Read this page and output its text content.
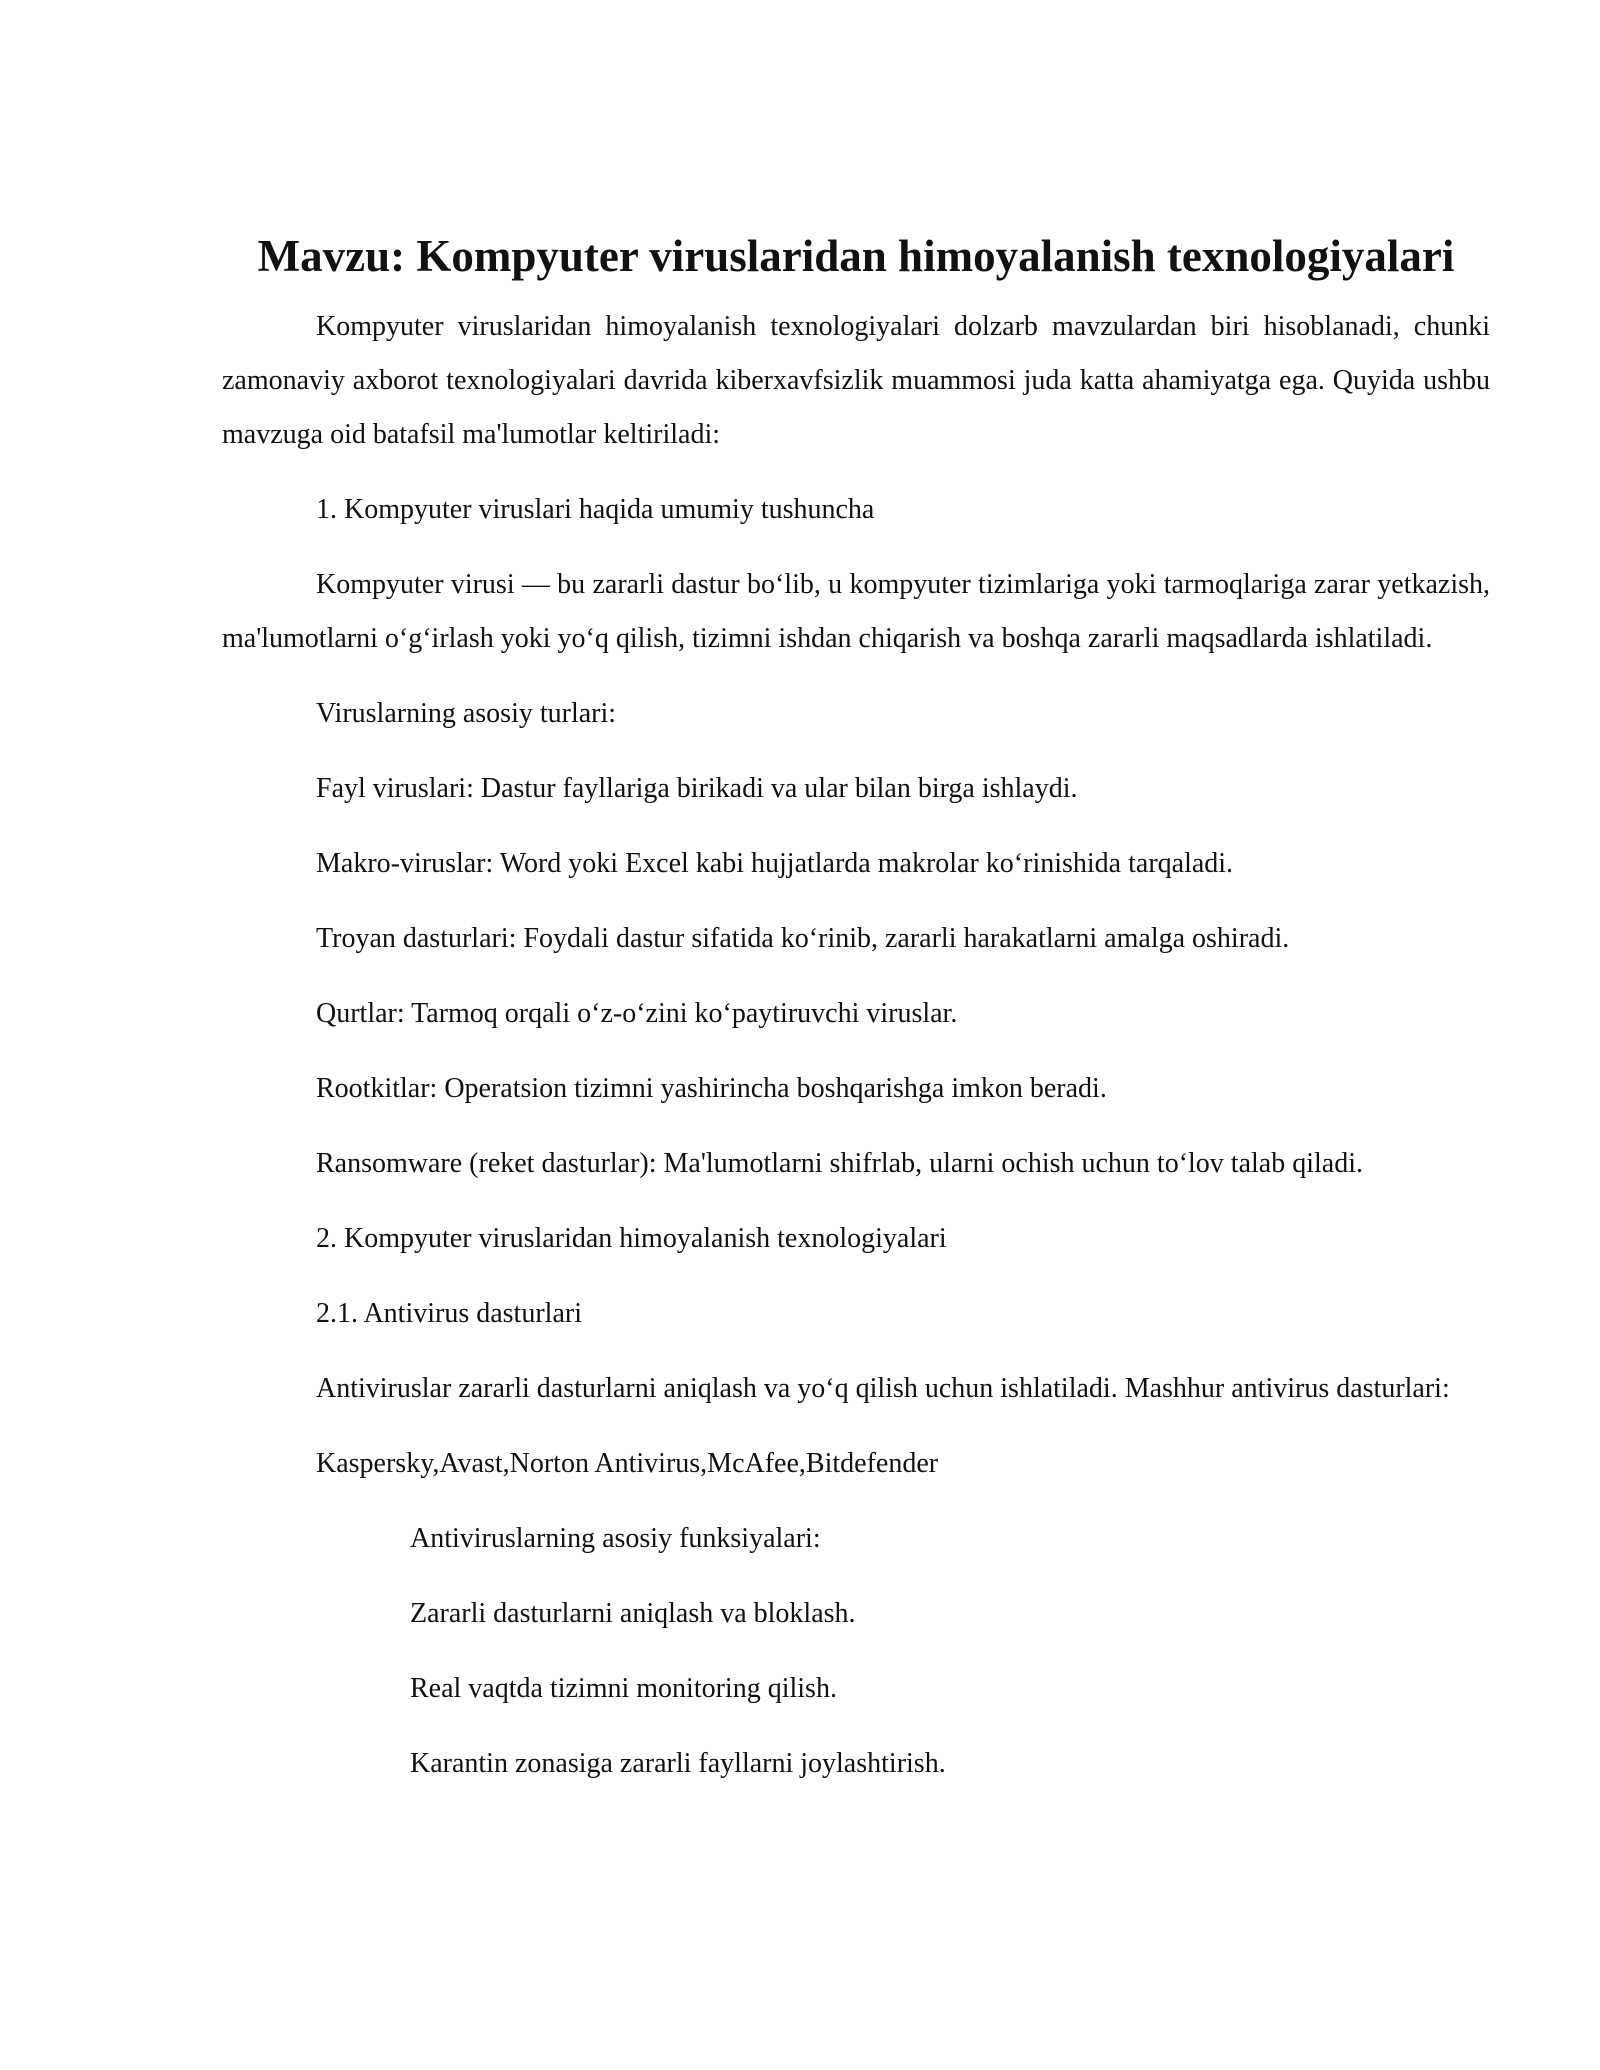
Mavzu: Kompyuter viruslaridan himoyalanish texnologiyalari

Kompyuter viruslaridan himoyalanish texnologiyalari dolzarb mavzulardan biri hisoblanadi, chunki zamonaviy axborot texnologiyalari davrida kiberxavfsizlik muammosi juda katta ahamiyatga ega. Quyida ushbu mavzuga oid batafsil ma'lumotlar keltiriladi:

1. Kompyuter viruslari haqida umumiy tushuncha

Kompyuter virusi — bu zararli dastur bo‘lib, u kompyuter tizimlariga yoki tarmoqlariga zarar yetkazish, ma'lumotlarni o‘g‘irlash yoki yo‘q qilish, tizimni ishdan chiqarish va boshqa zararli maqsadlarda ishlatiladi.

Viruslarning asosiy turlari:

Fayl viruslari: Dastur fayllariga birikadi va ular bilan birga ishlaydi.

Makro-viruslar: Word yoki Excel kabi hujjatlarda makrolar ko‘rinishida tarqaladi.

Troyan dasturlari: Foydali dastur sifatida ko‘rinib, zararli harakatlarni amalga oshiradi.

Qurtlar: Tarmoq orqali o‘z-o‘zini ko‘paytiruvchi viruslar.

Rootkitlar: Operatsion tizimni yashirincha boshqarishga imkon beradi.

Ransomware (reket dasturlar): Ma'lumotlarni shifrlab, ularni ochish uchun to‘lov talab qiladi.

2. Kompyuter viruslaridan himoyalanish texnologiyalari

2.1. Antivirus dasturlari

Antiviruslar zararli dasturlarni aniqlash va yo‘q qilish uchun ishlatiladi. Mashhur antivirus dasturlari:

Kaspersky,Avast,Norton Antivirus,McAfee,Bitdefender

Antiviruslarning asosiy funksiyalari:

Zararli dasturlarni aniqlash va bloklash.

Real vaqtda tizimni monitoring qilish.

Karantin zonasiga zararli fayllarni joylashtirish.
